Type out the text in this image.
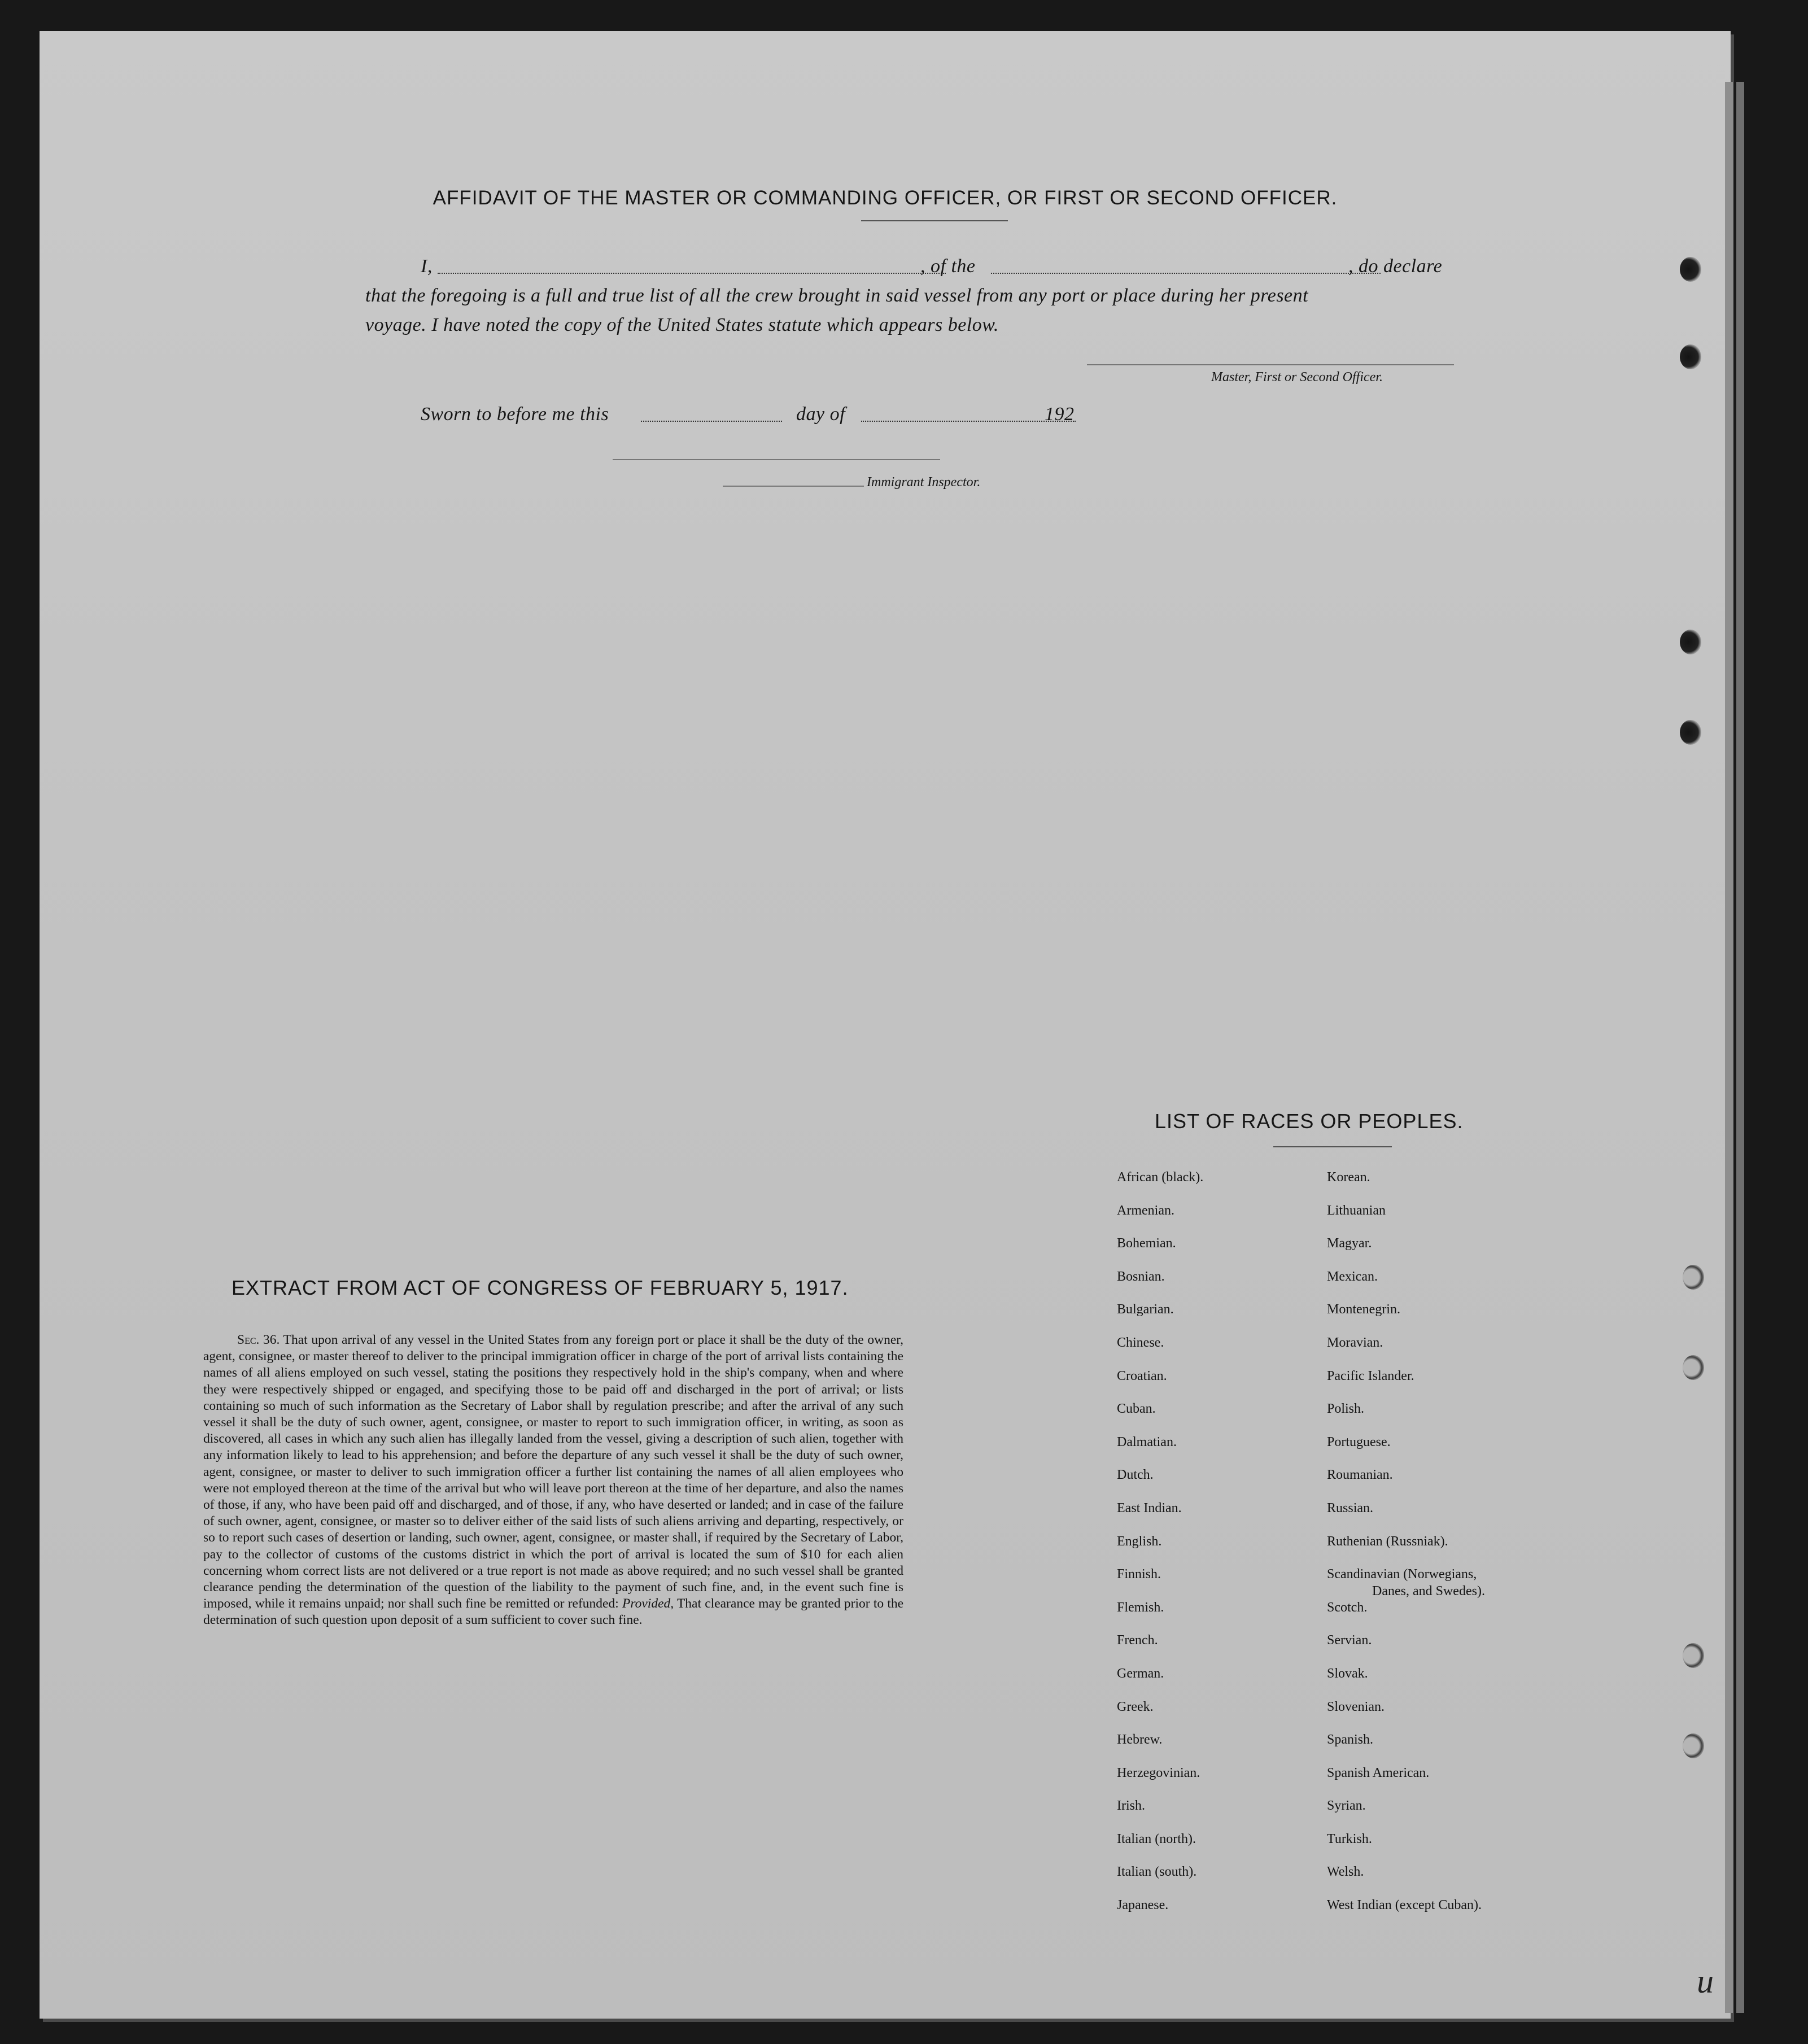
AFFIDAVIT OF THE MASTER OR COMMANDING OFFICER, OR FIRST OR SECOND OFFICER.
I,	, of the	, do declare
that the foregoing is a full and true list of all the crew brought in said vessel from any port or place during her present
voyage. I have noted the copy of the United States statute which appears below.
Master, First or Second Officer.
Sworn to before me this	day of	192
Immigrant Inspector.
EXTRACT FROM ACT OF CONGRESS OF FEBRUARY 5, 1917.
Sec. 36. That upon arrival of any vessel in the United States from any foreign port or place it shall be the duty of the owner, agent, consignee, or master thereof to deliver to the principal immigration officer in charge of the port of arrival lists containing the names of all aliens employed on such vessel, stating the positions they respectively hold in the ship's company, when and where they were respectively shipped or engaged, and specifying those to be paid off and discharged in the port of arrival; or lists containing so much of such information as the Secretary of Labor shall by regulation prescribe; and after the arrival of any such vessel it shall be the duty of such owner, agent, consignee, or master to report to such immigration officer, in writing, as soon as discovered, all cases in which any such alien has illegally landed from the vessel, giving a description of such alien, together with any information likely to lead to his apprehension; and before the departure of any such vessel it shall be the duty of such owner, agent, consignee, or master to deliver to such immigration officer a further list containing the names of all alien employees who were not employed thereon at the time of the arrival but who will leave port thereon at the time of her departure, and also the names of those, if any, who have been paid off and discharged, and of those, if any, who have deserted or landed; and in case of the failure of such owner, agent, consignee, or master so to deliver either of the said lists of such aliens arriving and departing, respectively, or so to report such cases of desertion or landing, such owner, agent, consignee, or master shall, if required by the Secretary of Labor, pay to the collector of customs of the customs district in which the port of arrival is located the sum of $10 for each alien concerning whom correct lists are not delivered or a true report is not made as above required; and no such vessel shall be granted clearance pending the determination of the question of the liability to the payment of such fine, and, in the event such fine is imposed, while it remains unpaid; nor shall such fine be remitted or refunded: Provided, That clearance may be granted prior to the determination of such question upon deposit of a sum sufficient to cover such fine.
LIST OF RACES OR PEOPLES.
African (black).
Armenian.
Bohemian.
Bosnian.
Bulgarian.
Chinese.
Croatian.
Cuban.
Dalmatian.
Dutch.
East Indian.
English.
Finnish.
Flemish.
French.
German.
Greek.
Hebrew.
Herzegovinian.
Irish.
Italian (north).
Italian (south).
Japanese.
Korean.
Lithuanian
Magyar.
Mexican.
Montenegrin.
Moravian.
Pacific Islander.
Polish.
Portuguese.
Roumanian.
Russian.
Ruthenian (Russniak).
Scandinavian (Norwegians,
Danes, and Swedes).
Scotch.
Servian.
Slovak.
Slovenian.
Spanish.
Spanish American.
Syrian.
Turkish.
Welsh.
West Indian (except Cuban).
u
